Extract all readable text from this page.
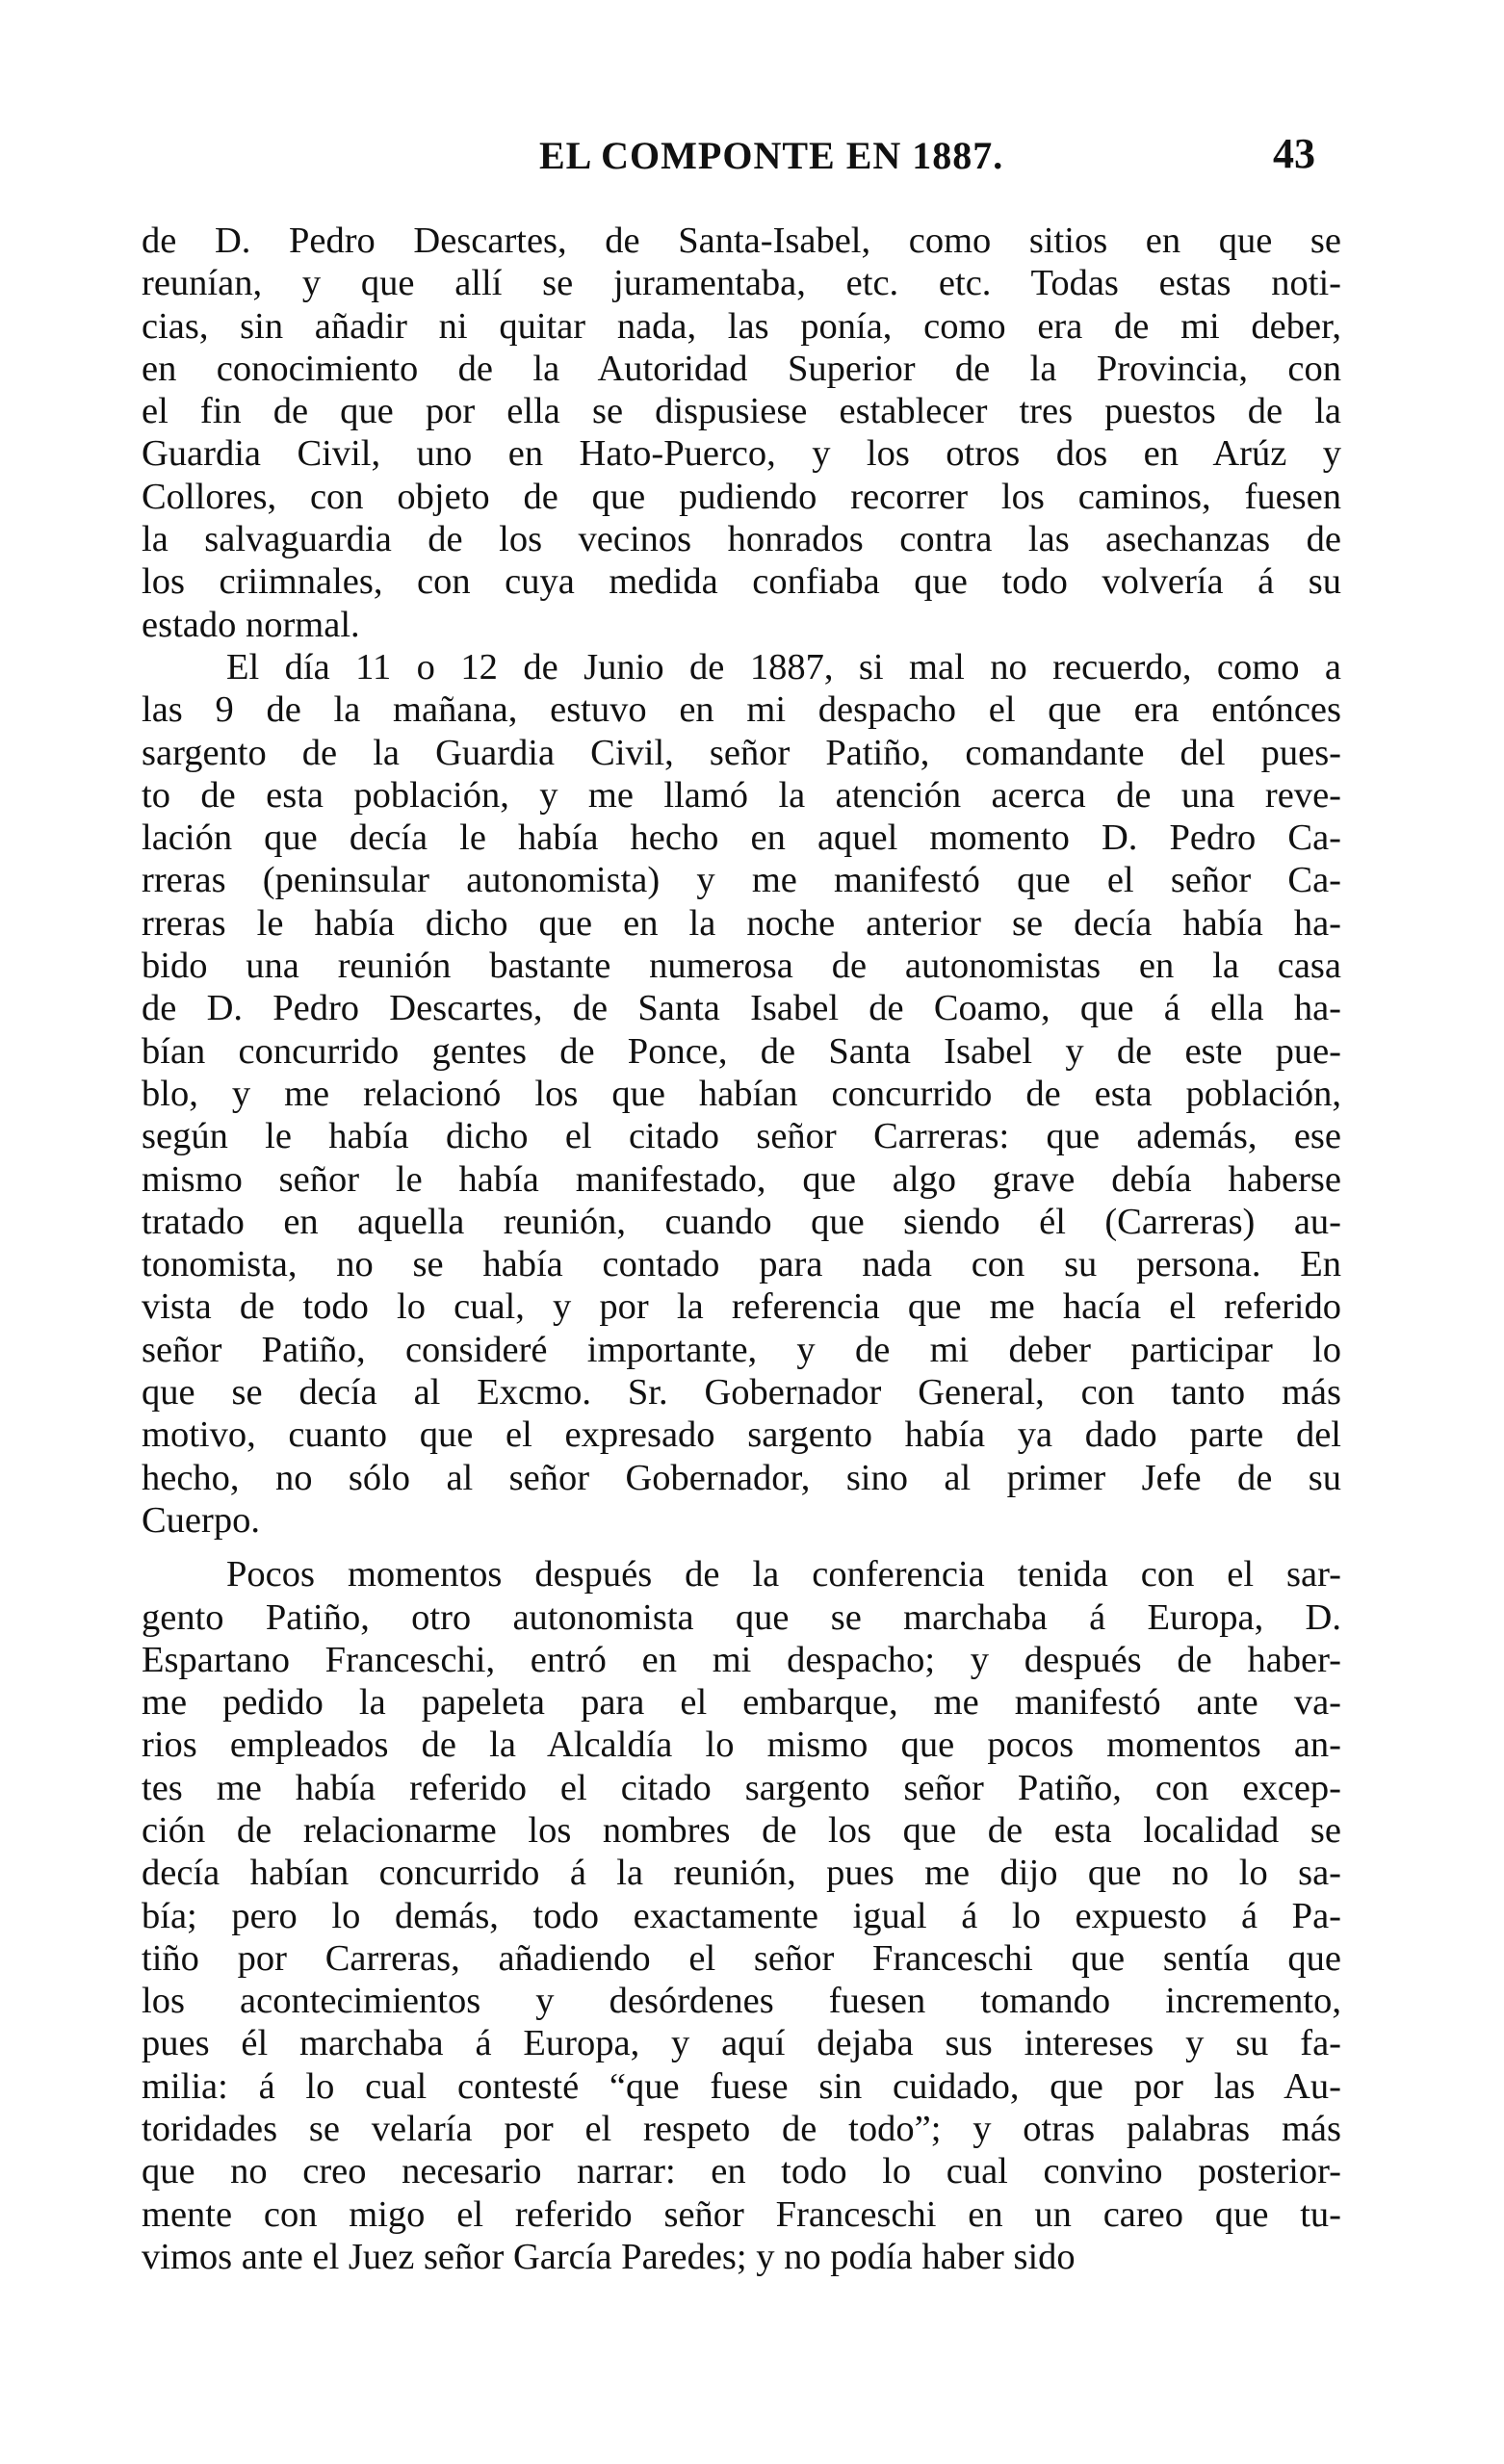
EL COMPONTE EN 1887.	43

de D. Pedro Descartes, de Santa-Isabel, como sitios en que se
reunían, y que allí se juramentaba, etc. etc. Todas estas noti-
cias, sin añadir ni quitar nada, las ponía, como era de mi deber,
en conocimiento de la Autoridad Superior de la Provincia, con
el fin de que por ella se dispusiese establecer tres puestos de la
Guardia Civil, uno en Hato-Puerco, y los otros dos en Arúz y
Collores, con objeto de que pudiendo recorrer los caminos, fuesen
la salvaguardia de los vecinos honrados contra las asechanzas de
los criimnales, con cuya medida confiaba que todo volvería á su
estado normal.

El día 11 o 12 de Junio de 1887, si mal no recuerdo, como a
las 9 de la mañana, estuvo en mi despacho el que era entónces
sargento de la Guardia Civil, señor Patiño, comandante del pues-
to de esta población, y me llamó la atención acerca de una reve-
lación que decía le había hecho en aquel momento D. Pedro Ca-
rreras (peninsular autonomista) y me manifestó que el señor Ca-
rreras le había dicho que en la noche anterior se decía había ha-
bido una reunión bastante numerosa de autonomistas en la casa
de D. Pedro Descartes, de Santa Isabel de Coamo, que á ella ha-
bían concurrido gentes de Ponce, de Santa Isabel y de este pue-
blo, y me relacionó los que habían concurrido de esta población,
según le había dicho el citado señor Carreras: que además, ese
mismo señor le había manifestado, que algo grave debía haberse
tratado en aquella reunión, cuando que siendo él (Carreras) au-
tonomista, no se había contado para nada con su persona. En
vista de todo lo cual, y por la referencia que me hacía el referido
señor Patiño, consideré importante, y de mi deber participar lo
que se decía al Excmo. Sr. Gobernador General, con tanto más
motivo, cuanto que el expresado sargento había ya dado parte del
hecho, no sólo al señor Gobernador, sino al primer Jefe de su
Cuerpo.

Pocos momentos después de la conferencia tenida con el sar-
gento Patiño, otro autonomista que se marchaba á Europa, D.
Espartano Franceschi, entró en mi despacho; y después de haber-
me pedido la papeleta para el embarque, me manifestó ante va-
rios empleados de la Alcaldía lo mismo que pocos momentos an-
tes me había referido el citado sargento señor Patiño, con excep-
ción de relacionarme los nombres de los que de esta localidad se
decía habían concurrido á la reunión, pues me dijo que no lo sa-
bía; pero lo demás, todo exactamente igual á lo expuesto á Pa-
tiño por Carreras, añadiendo el señor Franceschi que sentía que
los acontecimientos y desórdenes fuesen tomando incremento,
pues él marchaba á Europa, y aquí dejaba sus intereses y su fa-
milia: á lo cual contesté “que fuese sin cuidado, que por las Au-
toridades se velaría por el respeto de todo”; y otras palabras más
que no creo necesario narrar: en todo lo cual convino posterior-
mente con migo el referido señor Franceschi en un careo que tu-
vimos ante el Juez señor García Paredes; y no podía haber sido
